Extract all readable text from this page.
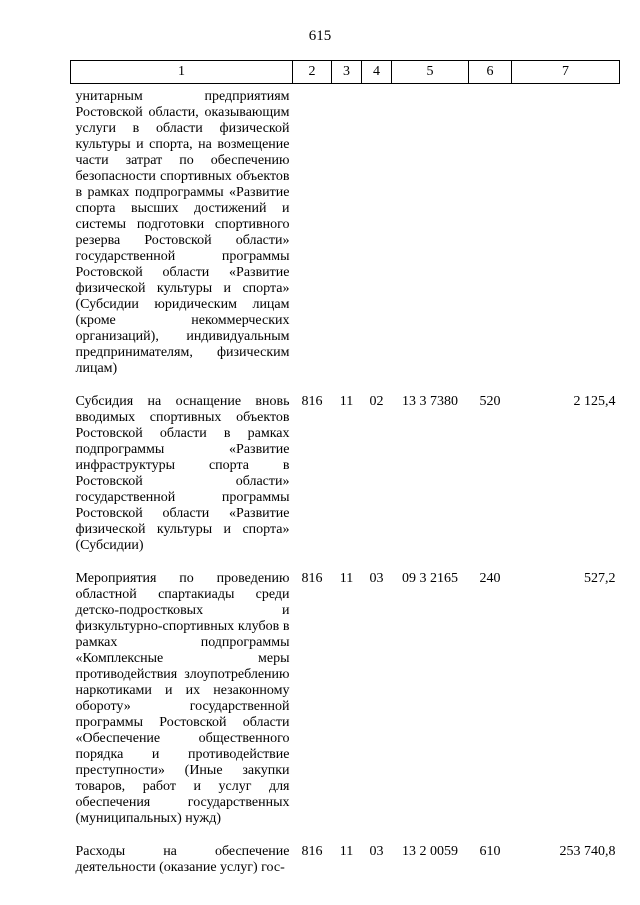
615
1	2	3	4	5	6	7
унитарным предприятиям Ростовской области, оказывающим услуги в области физической культуры и спорта, на возмещение части затрат по обеспечению безопасности спортивных объектов в рамках подпрограммы «Развитие спорта высших достижений и системы подготовки спортивного резерва Ростовской области» государственной программы Ростовской области «Развитие физической культуры и спорта» (Субсидии юридическим лицам (кроме некоммерческих организаций), индивидуальным предпринимателям, физическим лицам)						
Субсидия на оснащение вновь вводимых спортивных объектов Ростовской области в рамках подпрограммы «Развитие инфраструктуры спорта в Ростовской области» государственной программы Ростовской области «Развитие физической культуры и спорта» (Субсидии)	816	11	02	13 3 7380	520	2 125,4
Мероприятия по проведению областной спартакиады среди детско-подростковых и физкультурно-спортивных клубов в рамках подпрограммы «Комплексные меры противодействия злоупотреблению наркотиками и их незаконному обороту» государственной программы Ростовской области «Обеспечение общественного порядка и противодействие преступности» (Иные закупки товаров, работ и услуг для обеспечения государственных (муниципальных) нужд)	816	11	03	09 3 2165	240	527,2
Расходы на обеспечение деятельности (оказание услуг) гос-	816	11	03	13 2 0059	610	253 740,8
